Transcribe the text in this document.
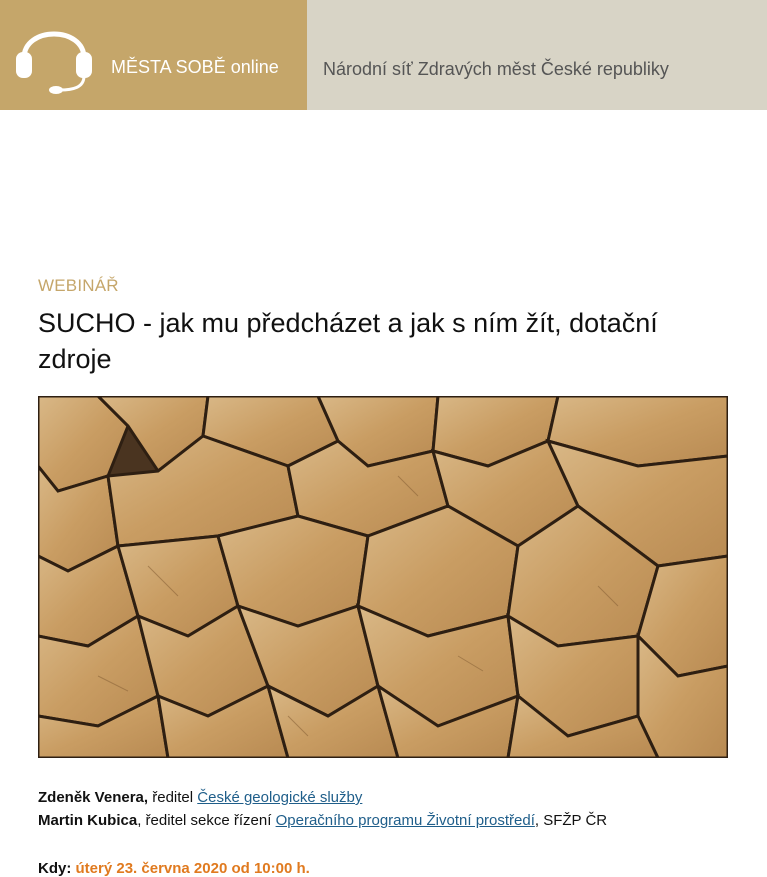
MĚSTA SOBĚ online Národní síť Zdravých měst České republiky
WEBINÁŘ
SUCHO - jak mu předcházet a jak s ním žít, dotační zdroje
Zdeněk Venera, ředitel České geologické služby
Martin Kubica, ředitel sekce řízení Operačního programu Životní prostředí, SFŽP ČR
Kdy: úterý 23. června 2020 od 10:00 h.
